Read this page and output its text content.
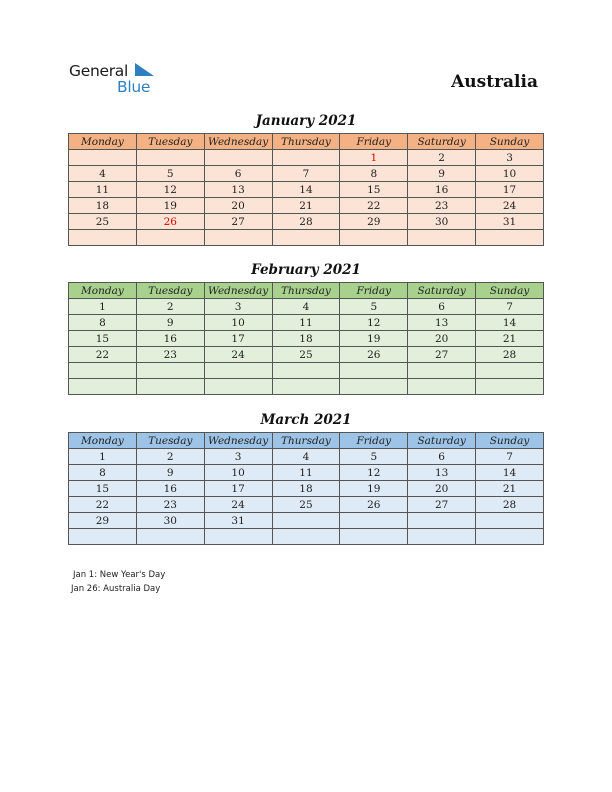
General
Blue	Australia
January 2021
Monday	Tuesday	Wednesday	Thursday	Friday	Saturday	Sunday
				1	2	3
4	5	6	7	8	9	10
11	12	13	14	15	16	17
18	19	20	21	22	23	24
25	26	27	28	29	30	31

February 2021
Monday	Tuesday	Wednesday	Thursday	Friday	Saturday	Sunday
1	2	3	4	5	6	7
8	9	10	11	12	13	14
15	16	17	18	19	20	21
22	23	24	25	26	27	28

March 2021
Monday	Tuesday	Wednesday	Thursday	Friday	Saturday	Sunday
1	2	3	4	5	6	7
8	9	10	11	12	13	14
15	16	17	18	19	20	21
22	23	24	25	26	27	28
29	30	31				

Jan 1: New Year's Day
Jan 26: Australia Day
